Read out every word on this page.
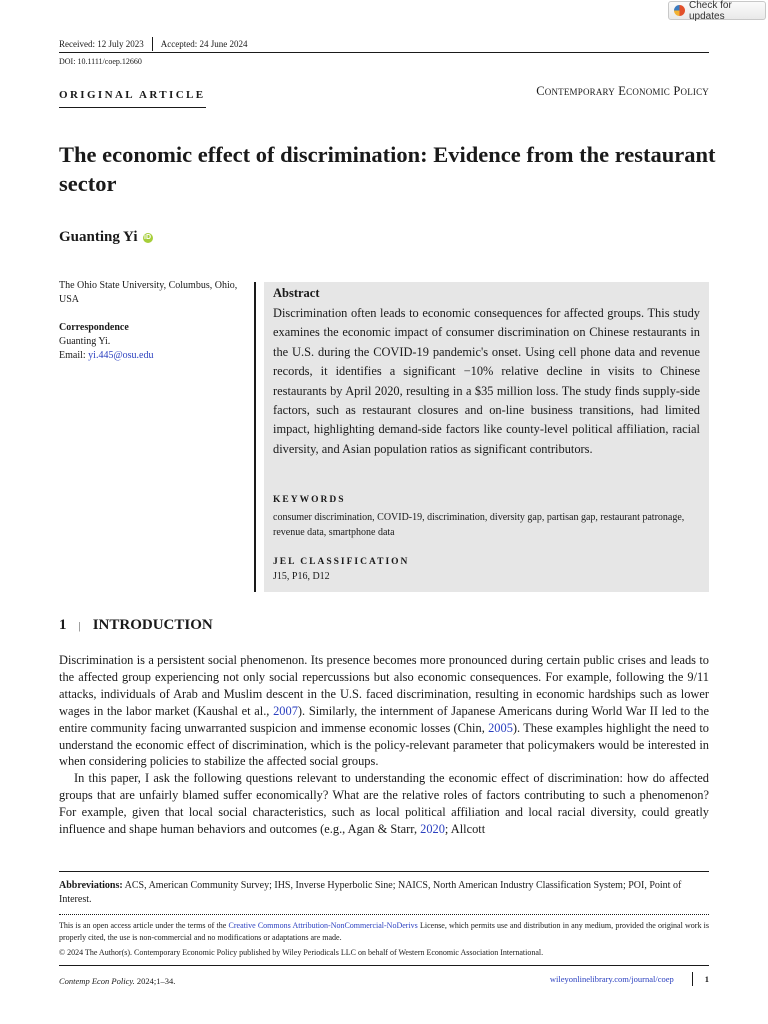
Check for updates
Received: 12 July 2023 Accepted: 24 June 2024
DOI: 10.1111/coep.12660
ORIGINAL ARTICLE	Contemporary Economic Policy
The economic effect of discrimination: Evidence from the restaurant sector
Guanting Yi iD
The Ohio State University, Columbus, Ohio, USA
Correspondence
Guanting Yi.
Email: yi.445@osu.edu
Abstract
Discrimination often leads to economic consequences for affected groups. This study examines the economic impact of consumer discrimination on Chinese restaurants in the U.S. during the COVID-19 pandemic's onset. Using cell phone data and revenue records, it identifies a significant −10% relative decline in visits to Chinese restaurants by April 2020, resulting in a $35 million loss. The study finds supply-side factors, such as restaurant closures and on-line business transitions, had limited impact, highlighting demand-side factors like county-level political affiliation, racial diversity, and Asian population ratios as significant contributors.
KEYWORDS
consumer discrimination, COVID-19, discrimination, diversity gap, partisan gap, restaurant patronage, revenue data, smartphone data
JEL CLASSIFICATION
J15, P16, D12
1 | INTRODUCTION

Discrimination is a persistent social phenomenon. Its presence becomes more pronounced during certain public crises and leads to the affected group experiencing not only social repercussions but also economic consequences. For example, following the 9/11 attacks, individuals of Arab and Muslim descent in the U.S. faced discrimination, resulting in economic hardships such as lower wages in the labor market (Kaushal et al., 2007). Similarly, the internment of Japanese Americans during World War II led to the entire community facing unwarranted suspicion and immense economic losses (Chin, 2005). These examples highlight the need to understand the economic effect of discrimination, which is the policy-relevant parameter that policymakers would be interested in when considering policies to stabilize the affected social groups.

In this paper, I ask the following questions relevant to understanding the economic effect of discrimination: how do affected groups that are unfairly blamed suffer economically? What are the relative roles of factors contributing to such a phenomenon? For example, given that local social characteristics, such as local political affiliation and local racial diversity, could greatly influence and shape human behaviors and outcomes (e.g., Agan & Starr, 2020; Allcott

Abbreviations: ACS, American Community Survey; IHS, Inverse Hyperbolic Sine; NAICS, North American Industry Classification System; POI, Point of Interest.
This is an open access article under the terms of the Creative Commons Attribution-NonCommercial-NoDerivs License, which permits use and distribution in any medium, provided the original work is properly cited, the use is non-commercial and no modifications or adaptations are made.
© 2024 The Author(s). Contemporary Economic Policy published by Wiley Periodicals LLC on behalf of Western Economic Association International.
Contemp Econ Policy. 2024;1–34.	wileyonlinelibrary.com/journal/coep	1
